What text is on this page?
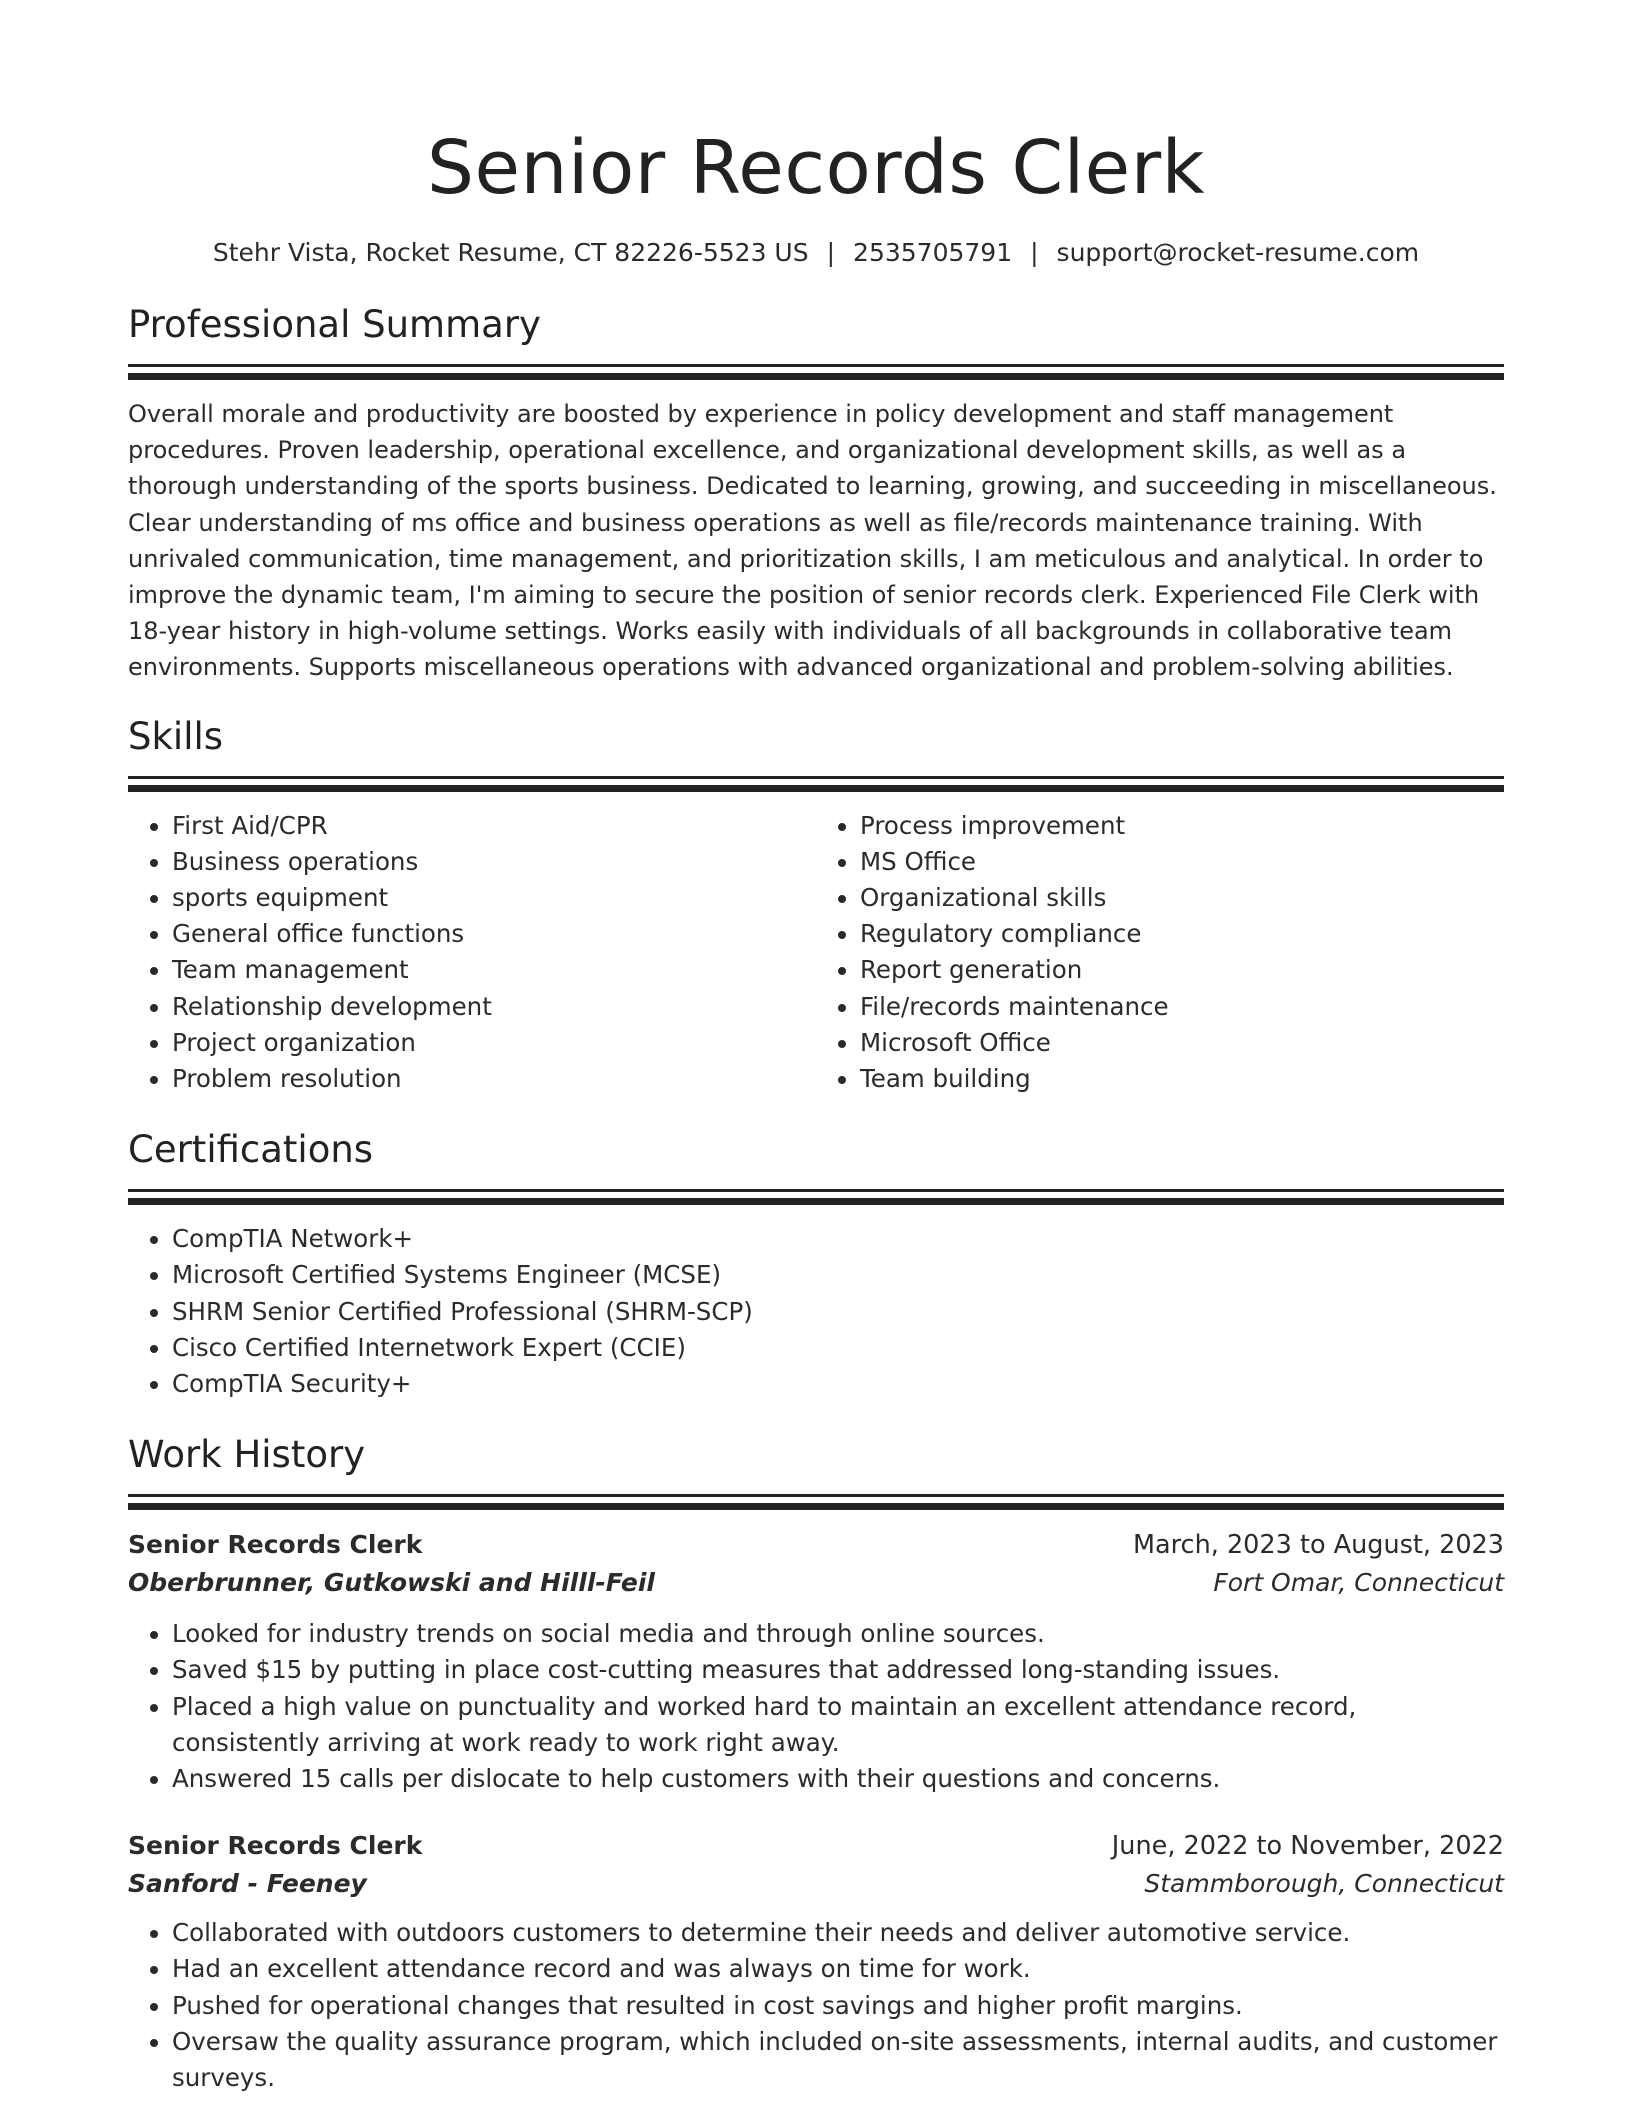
Senior Records Clerk
Stehr Vista, Rocket Resume, CT 82226-5523 US | 2535705791 | support@rocket-resume.com
Professional Summary

Overall morale and productivity are boosted by experience in policy development and staff management procedures. Proven leadership, operational excellence, and organizational development skills, as well as a thorough understanding of the sports business. Dedicated to learning, growing, and succeeding in miscellaneous. Clear understanding of ms office and business operations as well as file/records maintenance training. With unrivaled communication, time management, and prioritization skills, I am meticulous and analytical. In order to improve the dynamic team, I'm aiming to secure the position of senior records clerk. Experienced File Clerk with 18-year history in high-volume settings. Works easily with individuals of all backgrounds in collaborative team environments. Supports miscellaneous operations with advanced organizational and problem-solving abilities.

Skills
• First Aid/CPR
• Business operations
• sports equipment
• General office functions
• Team management
• Relationship development
• Project organization
• Problem resolution
• Process improvement
• MS Office
• Organizational skills
• Regulatory compliance
• Report generation
• File/records maintenance
• Microsoft Office
• Team building
Certifications
• CompTIA Network+
• Microsoft Certified Systems Engineer (MCSE)
• SHRM Senior Certified Professional (SHRM-SCP)
• Cisco Certified Internetwork Expert (CCIE)
• CompTIA Security+
Work History
Senior Records Clerk	March, 2023 to August, 2023
Oberbrunner, Gutkowski and Hilll-Feil	Fort Omar, Connecticut
• Looked for industry trends on social media and through online sources.
• Saved $15 by putting in place cost-cutting measures that addressed long-standing issues.
• Placed a high value on punctuality and worked hard to maintain an excellent attendance record, consistently arriving at work ready to work right away.
• Answered 15 calls per dislocate to help customers with their questions and concerns.
Senior Records Clerk	June, 2022 to November, 2022
Sanford - Feeney	Stammborough, Connecticut
• Collaborated with outdoors customers to determine their needs and deliver automotive service.
• Had an excellent attendance record and was always on time for work.
• Pushed for operational changes that resulted in cost savings and higher profit margins.
• Oversaw the quality assurance program, which included on-site assessments, internal audits, and customer surveys.
